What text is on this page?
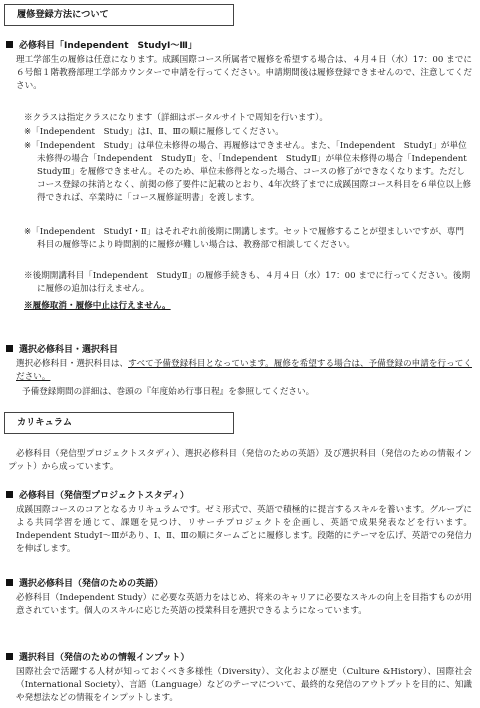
履修登録方法について
必修科目「Independent　StudyⅠ～Ⅲ」
理工学部生の履修は任意になります。成蹊国際コース所属者で履修を希望する場合は、４月４日（水）17：00 までに６号館１階教務部理工学部カウンターで申請を行ってください。申請期間後は履修登録できませんので、注意してください。
※クラスは指定クラスになります（詳細はポータルサイトで周知を行います）。
※「Independent　Study」はⅠ、Ⅱ、Ⅲの順に履修してください。
※「Independent　Study」は単位未修得の場合、再履修はできません。また、「Independent　StudyⅠ」が単位未修得の場合「Independent　StudyⅡ」を、「Independent　StudyⅡ」が単位未修得の場合「Independent　StudyⅢ」を履修できません。そのため、単位未修得となった場合、コースの修了ができなくなります。ただしコース登録の抹消となく、前掲の修了要件に記載のとおり、4年次終了までに成蹊国際コース科目を６単位以上修得できれば、卒業時に「コース履修証明書」を渡します。
※「Independent　StudyⅠ・Ⅱ」はそれぞれ前後期に開講します。セットで履修することが望ましいですが、専門科目の履修等により時間割的に履修が難しい場合は、教務部で相談してください。
※後期開講科目「Independent　StudyⅡ」の履修手続きも、４月４日（水）17：00 までに行ってください。後期に履修の追加は行えません。
※履修取消・履修中止は行えません。
選択必修科目・選択科目
選択必修科目・選択科目は、すべて予備登録科目となっています。履修を希望する場合は、予備登録の申請を行ってください。
予備登録期間の詳細は、巻頭の『年度始め行事日程』を参照してください。
カリキュラム
必修科目（発信型プロジェクトスタディ）、選択必修科目（発信のための英語）及び選択科目（発信のための情報インプット）から成っています。
必修科目（発信型プロジェクトスタディ）
成蹊国際コースのコアとなるカリキュラムです。ゼミ形式で、英語で積極的に提言するスキルを養います。グループによる共同学習を通じて、課題を見つけ、リサーチプロジェクトを企画し、英語で成果発表などを行います。Independent StudyⅠ～Ⅲがあり、Ⅰ、Ⅱ、Ⅲの順にタームごとに履修します。段階的にテーマを広げ、英語での発信力を伸ばします。
選択必修科目（発信のための英語）
必修科目（Independent Study）に必要な英語力をはじめ、将来のキャリアに必要なスキルの向上を目指すものが用意されています。個人のスキルに応じた英語の授業科目を選択できるようになっています。
選択科目（発信のための情報インプット）
国際社会で活躍する人材が知っておくべき多様性（Diversity）、文化および歴史（Culture &History）、国際社会（International Society）、言語（Language）などのテーマについて、最終的な発信のアウトプットを目的に、知識や発想法などの情報をインプットします。
